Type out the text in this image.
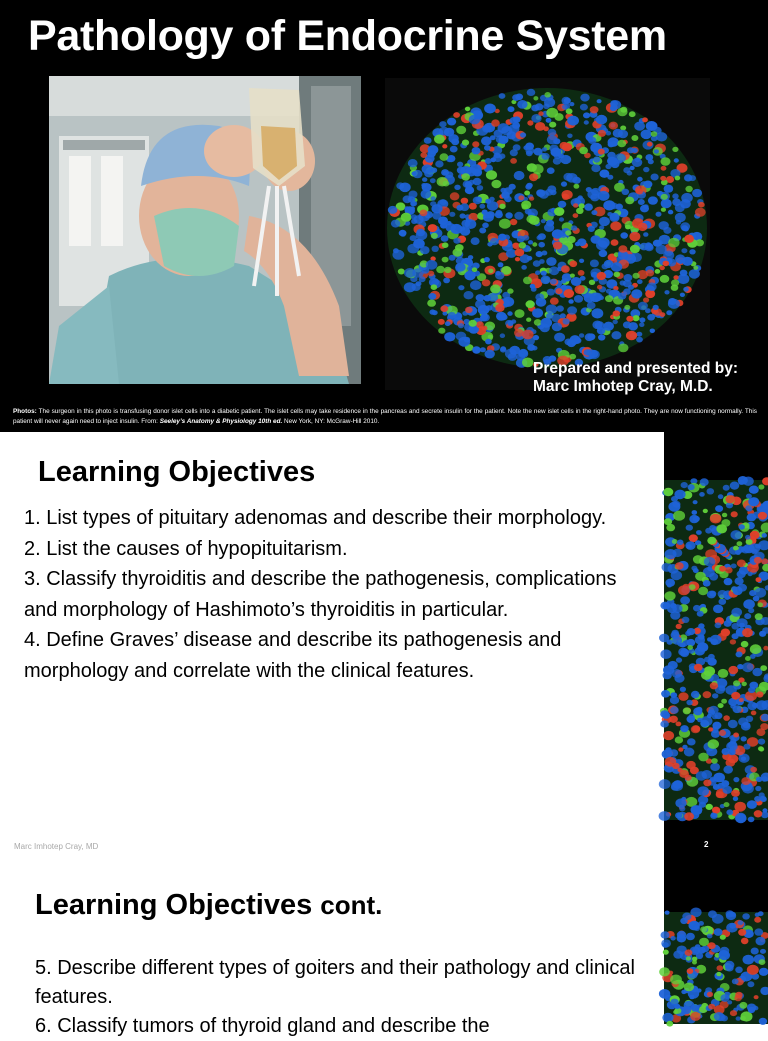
Pathology of Endocrine System
Prepared and presented by:
Marc Imhotep Cray, M.D.

Photos: The surgeon in this photo is transfusing donor islet cells into a diabetic patient. The islet cells may take residence in the pancreas and secrete insulin for the patient. Note the new islet cells in the right-hand photo. They are now functioning normally. This patient will never again need to inject insulin. From: Seeley’s Anatomy & Physiology 10th ed. New York, NY: McGraw-Hill 2010.

Learning Objectives

1. List types of pituitary adenomas and describe their morphology.

2. List the causes of hypopituitarism.

3. Classify thyroiditis and describe the pathogenesis, complications and morphology of Hashimoto’s thyroiditis in particular.

4. Define Graves’ disease and describe its pathogenesis and morphology and correlate with the clinical features.

Marc Imhotep Cray, MD	2
Learning Objectives cont.

5. Describe different types of goiters and their pathology and clinical features.

6. Classify tumors of thyroid gland and describe the
